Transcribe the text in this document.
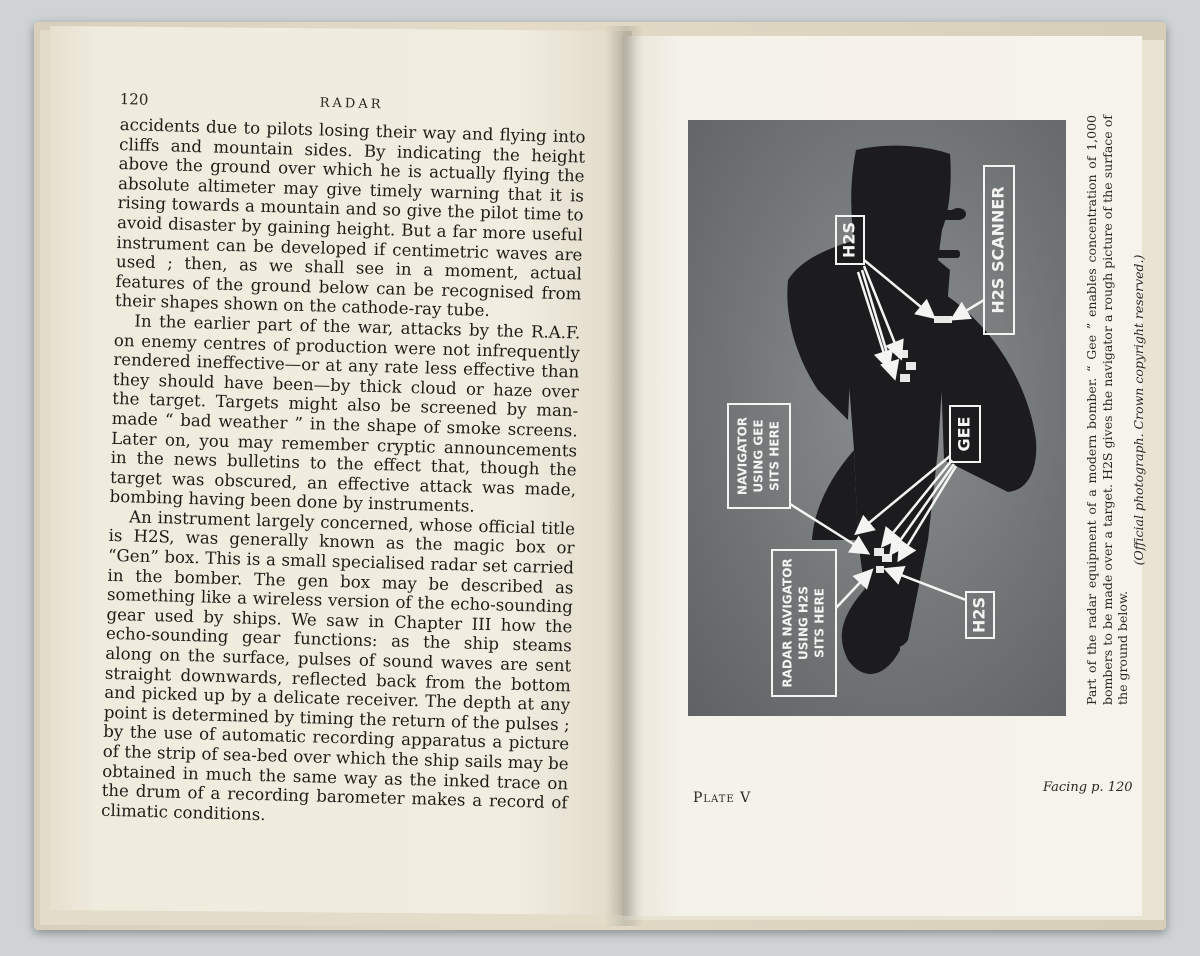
120	RADAR

accidents due to pilots losing their way and flying into cliffs and mountain sides. By indicating the height above the ground over which he is actually flying the absolute altimeter may give timely warning that it is rising towards a mountain and so give the pilot time to avoid disaster by gaining height. But a far more useful instrument can be developed if centimetric waves are used ; then, as we shall see in a moment, actual features of the ground below can be recognised from their shapes shown on the cathode-ray tube.

In the earlier part of the war, attacks by the R.A.F. on enemy centres of production were not infrequently rendered ineffective—or at any rate less effective than they should have been—by thick cloud or haze over the target. Targets might also be screened by man-made “ bad weather ” in the shape of smoke screens. Later on, you may remember cryptic announcements in the news bulletins to the effect that, though the target was obscured, an effective attack was made, bombing having been done by instruments.

An instrument largely concerned, whose official title is H2S, was generally known as the magic box or “Gen” box. This is a small specialised radar set carried in the bomber. The gen box may be described as something like a wireless version of the echo-sounding gear used by ships. We saw in Chapter III how the echo-sounding gear functions: as the ship steams along on the surface, pulses of sound waves are sent straight downwards, reflected back from the bottom and picked up by a delicate receiver. The depth at any point is determined by timing the return of the pulses ; by the use of automatic recording apparatus a picture of the strip of sea-bed over which the ship sails may be obtained in much the same way as the inked trace on the drum of a recording barometer makes a record of climatic conditions.

H2S	H2S SCANNER
GEE
H2S
NAVIGATOR USING GEE SITS HERE
RADAR NAVIGATOR USING H2S SITS HERE	Part of the radar equipment of a modern bomber. “ Gee ” enables concentration of 1,000 bombers to be made over a target. H2S gives the navigator a rough picture of the surface of the ground below.
(Official photograph. Crown copyright reserved.)
Plate V
Facing p. 120
